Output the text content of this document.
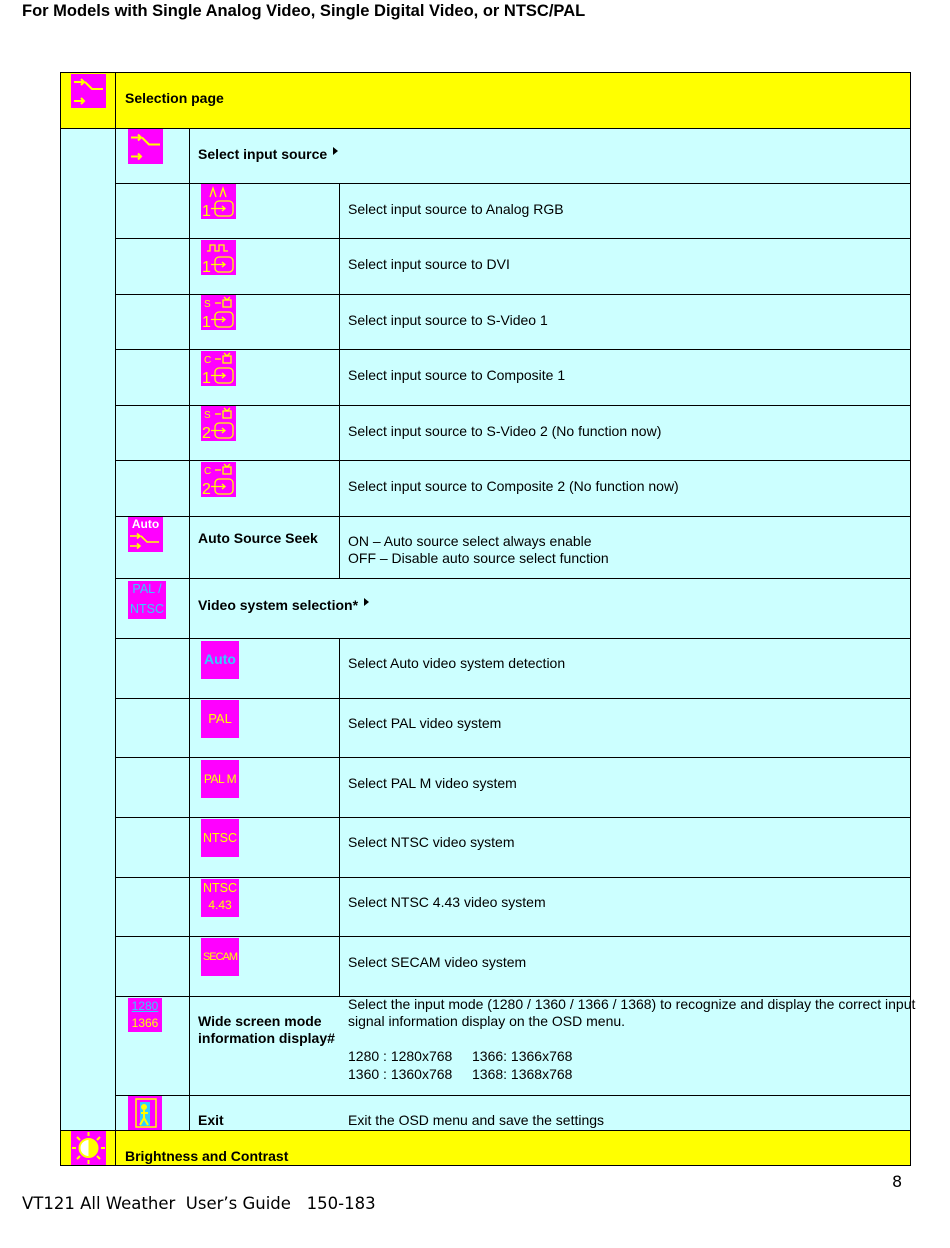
For Models with Single Analog Video, Single Digital Video, or NTSC/PAL
1
1
S
1
C
1
S
2
C
2
Auto
PAL /
NTSC
Auto
PAL
PAL M
NTSC
NTSC
4.43
SECAM
1280
1366
Selection page
Select input source
Select input source to Analog RGB
Select input source to DVI
Select input source to S-Video 1
Select input source to Composite 1
Select input source to S-Video 2 (No function now)
Select input source to Composite 2 (No function now)
Auto Source Seek ON – Auto source select always enable
OFF – Disable auto source select function
Video system selection*
Select Auto video system detection
Select PAL video system
Select PAL M video system
Select NTSC video system
Select NTSC 4.43 video system
Select SECAM video system
Wide screen mode
information display#
Select the input mode (1280 / 1360 / 1366 / 1368) to recognize and display the correct input
signal information display on the OSD menu.
1280 : 1280x768 1366: 1366x768
1360 : 1360x768 1368: 1368x768
Exit	Exit the OSD menu and save the settings
Brightness and Contrast
8
VT121 All Weather  User’s Guide   150-183
